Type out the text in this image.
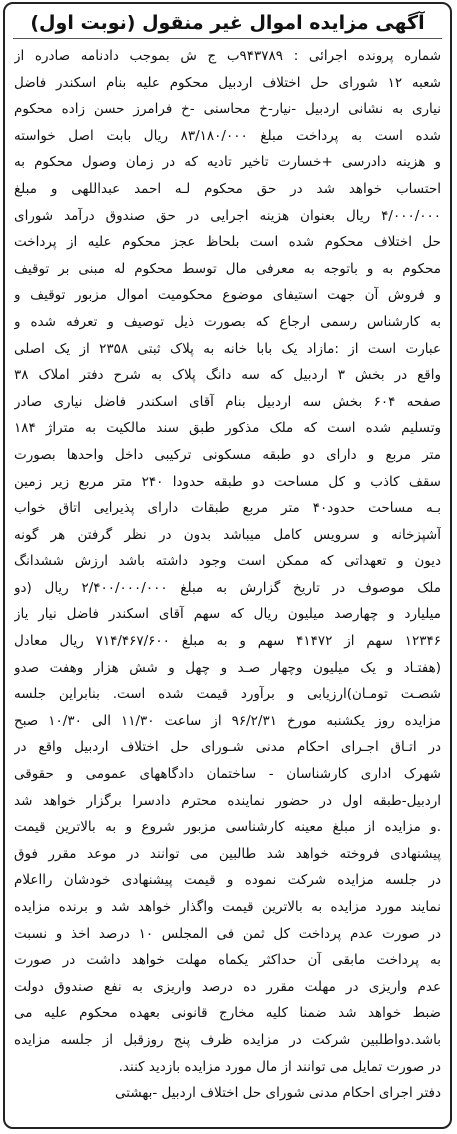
آگهی مزایده اموال غیر منقول (نوبت اول)
شماره پرونده اجرائی : ۹۴۳۷۸۹ب ج ش بموجب دادنامه صادره از
شعبه ۱۲ شورای حل اختلاف اردبیل محکوم علیه بنام اسکندر فاضل
نیاری به نشانی اردبیل -نیار-خ محاسنی -خ فرامرز حسن زاده محکوم
شده است به پرداخت مبلغ ۸۳/۱۸۰/۰۰۰ ریال بابت اصل خواسته
و هزینه دادرسی +خسارت تاخیر تادیه که در زمان وصول محکوم به
احتساب خواهد شد در حق محکوم لـه احمد عبداللهی و مبلغ
۴/۰۰۰/۰۰۰ ریال بعنوان هزینه اجرایی در حق صندوق درآمد شورای
حل اختلاف محکوم شده است بلحاظ عجز محکوم علیه از پرداخت
محکوم به و باتوجه به معرفی مال توسط محکوم له مبنی بر توقیف
و فروش آن جهت استیفای موضوع محکومیت اموال مزبور توقیف و
به کارشناس رسمی ارجاع که بصورت ذیل توصیف و تعرفه شده و
عبارت است از :مازاد یک بابا خانه به پلاک ثبتی ۲۳۵۸ از یک اصلی
واقع در بخش ۳ اردبیل که سه دانگ پلاک به شرح دفتر املاک ۳۸
صفحه ۶۰۴ بخش سه اردبیل بنام آقای اسکندر فاضل نیاری صادر
وتسلیم شده است که ملک مذکور طبق سند مالکیت به متراژ ۱۸۴
متر مربع و دارای دو طبقه مسکونی ترکیبی داخل واحدها بصورت
سقف کاذب و کل مساحت دو طبقه حدودا ۲۴۰ متر مربع زیر زمین
بـه مساحت حدود۴۰ متر مربع طبقات دارای پذیرایی اتاق خواب
آشپزخانه و سرویس کامل میباشد بدون در نظر گرفتن هر گونه
دیون و تعهداتی که ممکن است وجود داشته باشد ارزش ششدانگ
ملک موصوف در تاریخ گزارش به مبلغ ۲/۴۰۰/۰۰۰/۰۰۰ ریال (دو
میلیارد و چهارصد میلیون ریال که سهم آقای اسکندر فاضل نیار یاز
۱۲۳۴۶ سهم از ۴۱۴۷۲ سهم و به مبلغ ۷۱۴/۴۶۷/۶۰۰ ریال معادل
(هفتـاد و یک میلیون وچهار صـد و چهل و شش هزار وهفت صدو
شصـت تومـان)ارزیابی و برآورد قیمت شده است. بنابراین جلسه
مزایده روز یکشنبه مورخ ۹۶/۲/۳۱ از ساعت ۱۱/۳۰ الی ۱۰/۳۰ صبح
در اتـاق اجـرای احکام مدنی شـورای حل اختلاف اردبیل واقع در
شهرک اداری کارشناسان - ساختمان دادگاههای عمومی و حقوقی
اردبیل-طبقه اول در حضور نماینده محترم دادسرا برگزار خواهد شد
.و مزایده از مبلغ معینه کارشناسی مزبور شروع و به بالاترین قیمت
پیشنهادی فروخته خواهد شد طالبین می توانند در موعد مقرر فوق
در جلسه مزایده شرکت نموده و قیمت پیشنهادی خودشان رااعلام
نمایند مورد مزایده به بالاترین قیمت واگذار خواهد شد و برنده مزایده
در صورت عدم پرداخت کل ثمن فی المجلس ۱۰ درصد اخذ و نسبت
به پرداخت مابقی آن حداکثر یکماه مهلت خواهد داشت در صورت
عدم واریزی در مهلت مقرر ده درصد واریزی به نفع صندوق دولت
ضبط خواهد شد ضمنا کلیه مخارج قانونی بعهده محکوم علیه می
باشد.دواطلبین شرکت در مزایده ظرف پنج روزقبل از جلسه مزایده
در صورت تمایل می توانند از مال مورد مزایده بازدید کنند.
دفتر اجرای احکام مدنی شورای حل اختلاف اردبیل -بهشتی
